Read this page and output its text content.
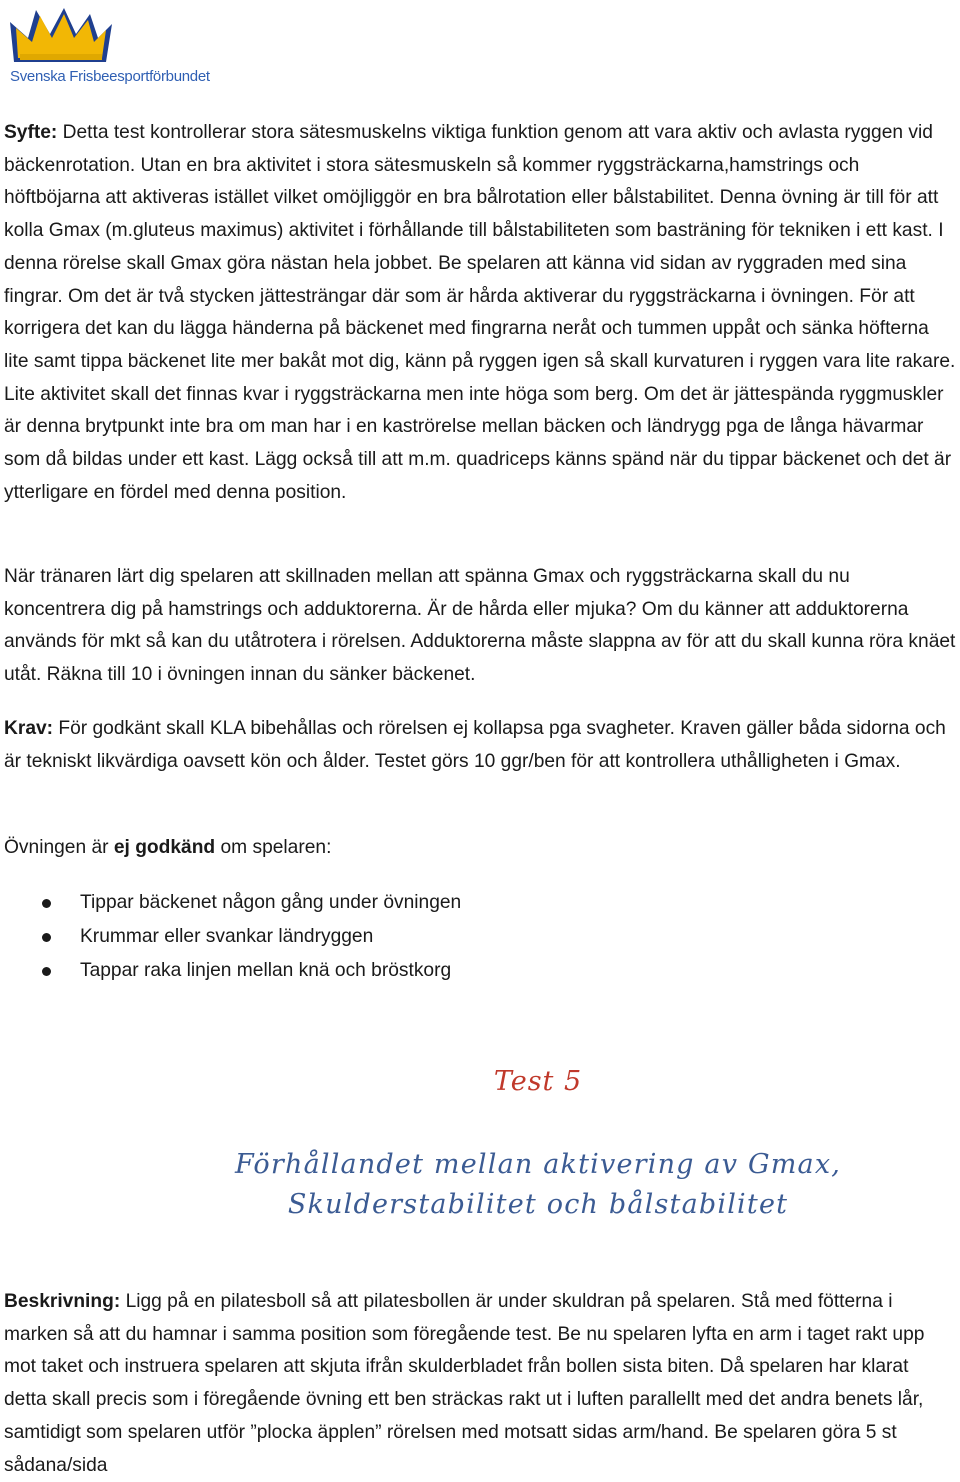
Svenska Frisbeesportförbundet

Syfte: Detta test kontrollerar stora sätesmuskelns viktiga funktion genom att vara aktiv och avlasta ryggen vid bäckenrotation. Utan en bra aktivitet i stora sätesmuskeln så kommer ryggsträckarna,hamstrings och höftböjarna att aktiveras istället vilket omöjliggör en bra bålrotation eller bålstabilitet. Denna övning är till för att kolla Gmax (m.gluteus maximus) aktivitet i förhållande till bålstabiliteten som basträning för tekniken i ett kast. I denna rörelse skall Gmax göra nästan hela jobbet. Be spelaren att känna vid sidan av ryggraden med sina fingrar. Om det är två stycken jättesträngar där som är hårda aktiverar du ryggsträckarna i övningen. För att korrigera det kan du lägga händerna på bäckenet med fingrarna neråt och tummen uppåt och sänka höfterna lite samt tippa bäckenet lite mer bakåt mot dig, känn på ryggen igen så skall kurvaturen i ryggen vara lite rakare. Lite aktivitet skall det finnas kvar i ryggsträckarna men inte höga som berg. Om det är jättespända ryggmuskler är denna brytpunkt inte bra om man har i en kaströrelse mellan bäcken och ländrygg pga de långa hävarmar som då bildas under ett kast. Lägg också till att m.m. quadriceps känns spänd när du tippar bäckenet och det är ytterligare en fördel med denna position.

När tränaren lärt dig spelaren att skillnaden mellan att spänna Gmax och ryggsträckarna skall du nu koncentrera dig på hamstrings och adduktorerna. Är de hårda eller mjuka? Om du känner att adduktorerna används för mkt så kan du utåtrotera i rörelsen. Adduktorerna måste slappna av för att du skall kunna röra knäet utåt. Räkna till 10 i övningen innan du sänker bäckenet.

Krav: För godkänt skall KLA bibehållas och rörelsen ej kollapsa pga svagheter. Kraven gäller båda sidorna och är tekniskt likvärdiga oavsett kön och ålder. Testet görs 10 ggr/ben för att kontrollera uthålligheten i Gmax.

Övningen är ej godkänd om spelaren:

Tippar bäckenet någon gång under övningen
Krummar eller svankar ländryggen
Tappar raka linjen mellan knä och bröstkorg
Test 5
Förhållandet mellan aktivering av Gmax, Skulderstabilitet och bålstabilitet

Beskrivning: Ligg på en pilatesboll så att pilatesbollen är under skuldran på spelaren. Stå med fötterna i marken så att du hamnar i samma position som föregående test. Be nu spelaren lyfta en arm i taget rakt upp mot taket och instruera spelaren att skjuta ifrån skulderbladet från bollen sista biten. Då spelaren har klarat detta skall precis som i föregående övning ett ben sträckas rakt ut i luften parallellt med det andra benets lår, samtidigt som spelaren utför ”plocka äpplen” rörelsen med motsatt sidas arm/hand. Be spelaren göra 5 st sådana/sida
